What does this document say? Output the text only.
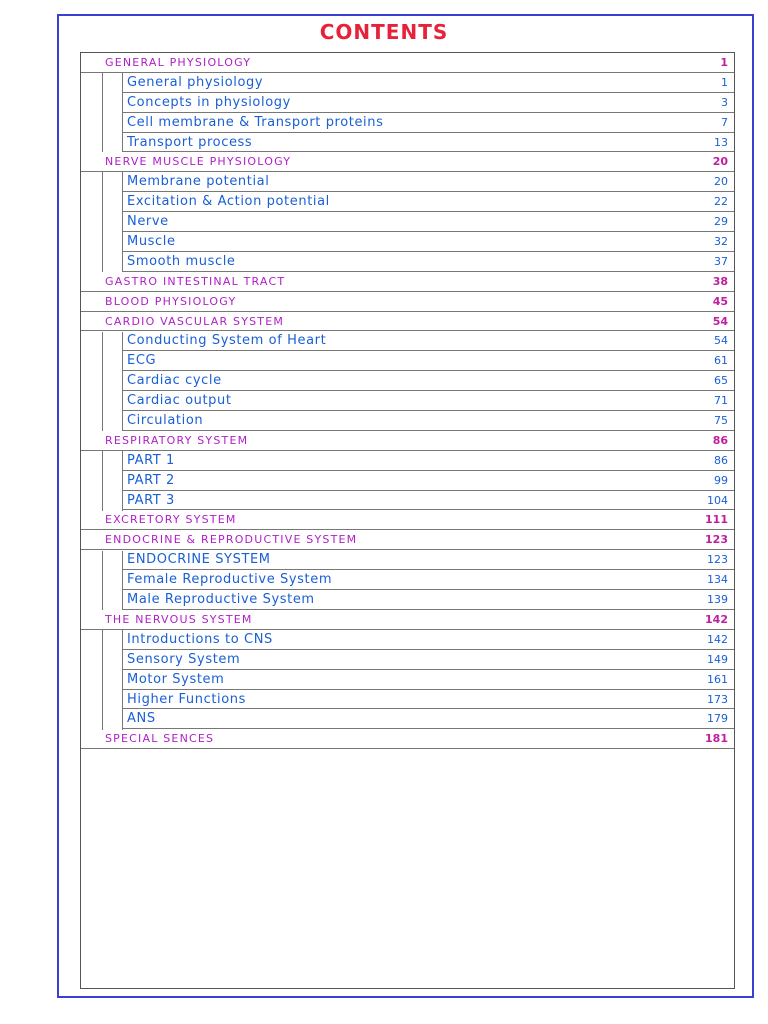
CONTENTS
GENERAL PHYSIOLOGY	1
General physiology	1
Concepts in physiology	3
Cell membrane & Transport proteins	7
Transport process	13
NERVE MUSCLE PHYSIOLOGY	20
Membrane potential	20
Excitation & Action potential	22
Nerve	29
Muscle	32
Smooth muscle	37
GASTRO INTESTINAL TRACT	38
BLOOD PHYSIOLOGY	45
CARDIO VASCULAR SYSTEM	54
Conducting System of Heart	54
ECG	61
Cardiac cycle	65
Cardiac output	71
Circulation	75
RESPIRATORY SYSTEM	86
PART 1	86
PART 2	99
PART 3	104
EXCRETORY SYSTEM	111
ENDOCRINE & REPRODUCTIVE SYSTEM	123
ENDOCRINE SYSTEM	123
Female Reproductive System	134
Male Reproductive System	139
THE NERVOUS SYSTEM	142
Introductions to CNS	142
Sensory System	149
Motor System	161
Higher Functions	173
ANS	179
SPECIAL SENCES	181
